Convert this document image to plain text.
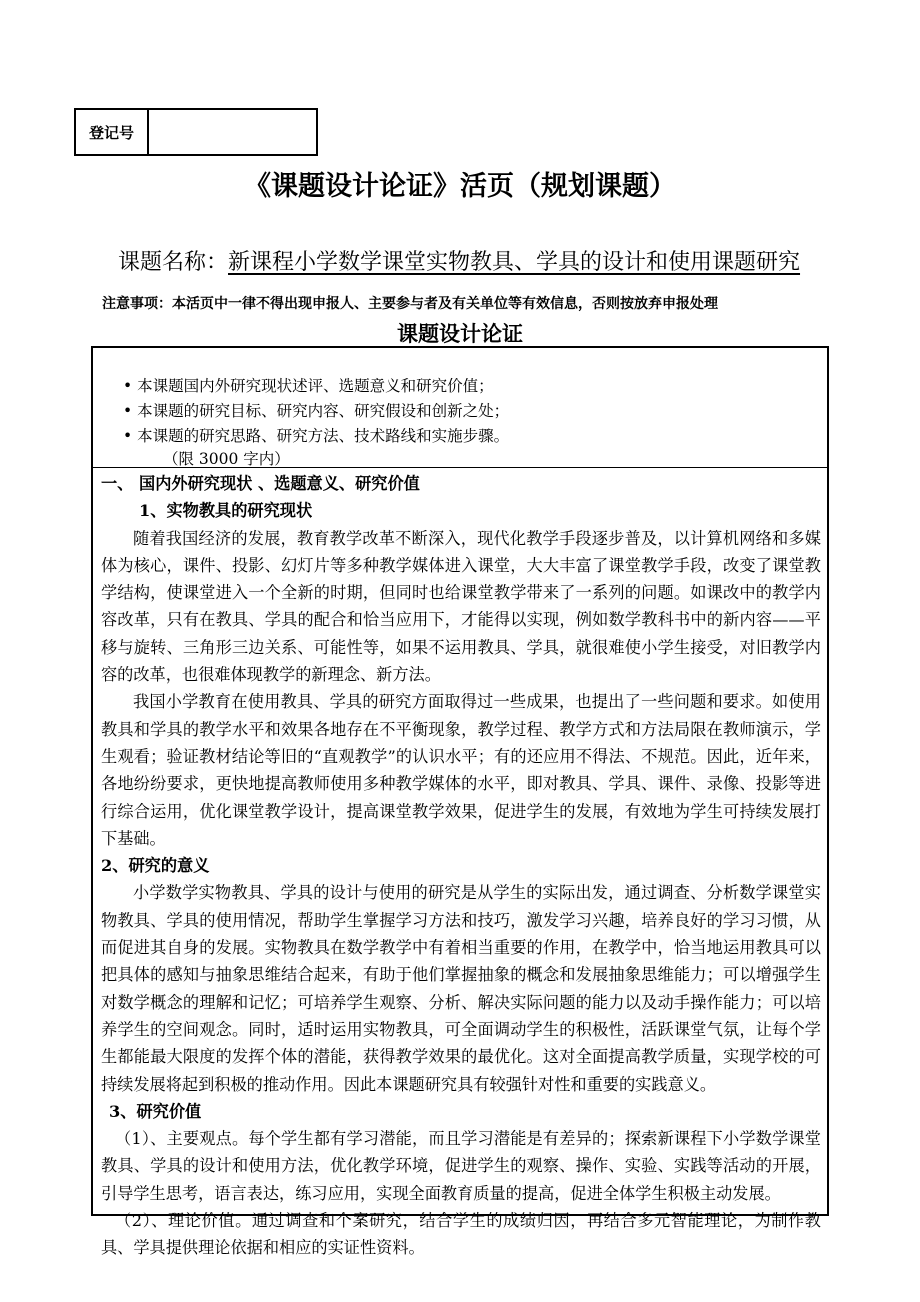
登记号
《课题设计论证》活页（规划课题）
课题名称：新课程小学数学课堂实物教具、学具的设计和使用课题研究
注意事项：本活页中一律不得出现申报人、主要参与者及有关单位等有效信息，否则按放弃申报处理
课题设计论证
• 本课题国内外研究现状述评、选题意义和研究价值；
• 本课题的研究目标、研究内容、研究假设和创新之处；
• 本课题的研究思路、研究方法、技术路线和实施步骤。
（限 3000 字内）

一、 国内外研究现状 、选题意义、研究价值

1、实物教具的研究现状

随着我国经济的发展，教育教学改革不断深入，现代化教学手段逐步普及，以计算机网络和多媒体为核心，课件、投影、幻灯片等多种教学媒体进入课堂，大大丰富了课堂教学手段，改变了课堂教学结构，使课堂进入一个全新的时期，但同时也给课堂教学带来了一系列的问题。如课改中的教学内容改革，只有在教具、学具的配合和恰当应用下，才能得以实现，例如数学教科书中的新内容——平移与旋转、三角形三边关系、可能性等，如果不运用教具、学具，就很难使小学生接受，对旧教学内容的改革，也很难体现教学的新理念、新方法。

我国小学教育在使用教具、学具的研究方面取得过一些成果，也提出了一些问题和要求。如使用教具和学具的教学水平和效果各地存在不平衡现象，教学过程、教学方式和方法局限在教师演示，学生观看；验证教材结论等旧的“直观教学”的认识水平；有的还应用不得法、不规范。因此，近年来，各地纷纷要求，更快地提高教师使用多种教学媒体的水平，即对教具、学具、课件、录像、投影等进行综合运用，优化课堂教学设计，提高课堂教学效果，促进学生的发展，有效地为学生可持续发展打下基础。

2、研究的意义

小学数学实物教具、学具的设计与使用的研究是从学生的实际出发，通过调查、分析数学课堂实物教具、学具的使用情况，帮助学生掌握学习方法和技巧，激发学习兴趣，培养良好的学习习惯，从而促进其自身的发展。实物教具在数学教学中有着相当重要的作用，在教学中，恰当地运用教具可以把具体的感知与抽象思维结合起来，有助于他们掌握抽象的概念和发展抽象思维能力；可以增强学生对数学概念的理解和记忆；可培养学生观察、分析、解决实际问题的能力以及动手操作能力；可以培养学生的空间观念。同时，适时运用实物教具，可全面调动学生的积极性，活跃课堂气氛，让每个学生都能最大限度的发挥个体的潜能，获得教学效果的最优化。这对全面提高教学质量，实现学校的可持续发展将起到积极的推动作用。因此本课题研究具有较强针对性和重要的实践意义。

3、研究价值

（1）、主要观点。每个学生都有学习潜能，而且学习潜能是有差异的；探索新课程下小学数学课堂教具、学具的设计和使用方法，优化教学环境，促进学生的观察、操作、实验、实践等活动的开展，引导学生思考，语言表达，练习应用，实现全面教育质量的提高，促进全体学生积极主动发展。

（2）、理论价值。通过调查和个案研究，结合学生的成绩归因，再结合多元智能理论，为制作教具、学具提供理论依据和相应的实证性资料。
